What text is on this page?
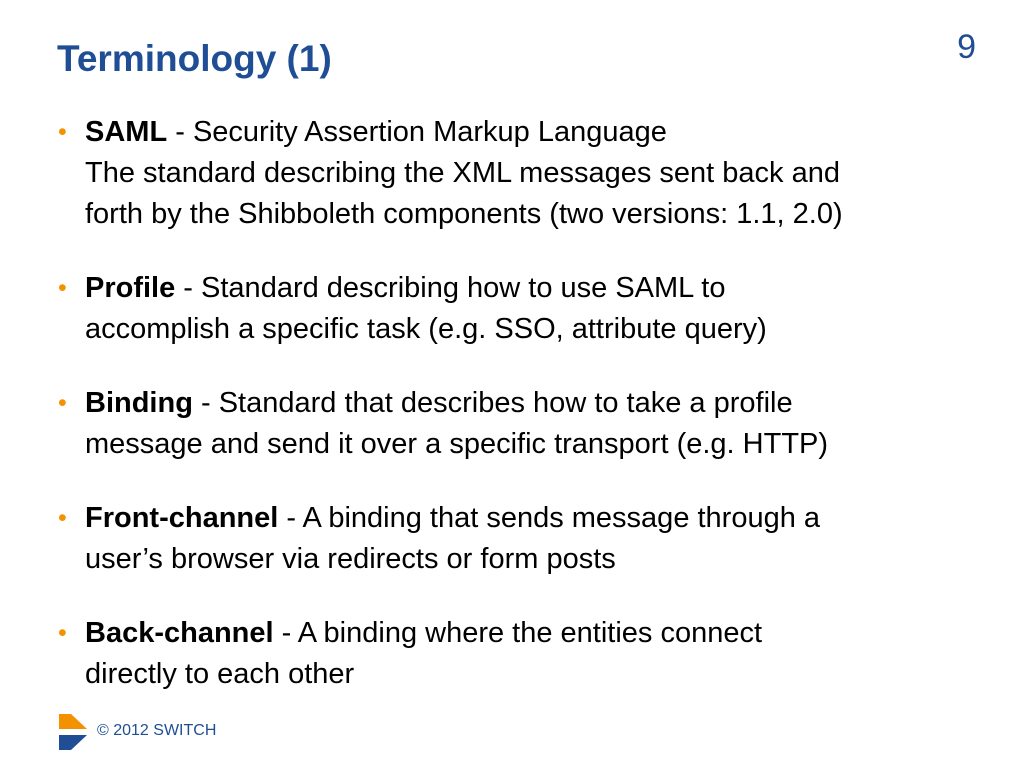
Terminology (1)	9
• SAML - Security Assertion Markup Language
The standard describing the XML messages sent back and
forth by the Shibboleth components (two versions: 1.1, 2.0)
• Profile - Standard describing how to use SAML to
accomplish a specific task (e.g. SSO, attribute query)
• Binding - Standard that describes how to take a profile
message and send it over a specific transport (e.g. HTTP)
• Front-channel - A binding that sends message through a
user’s browser via redirects or form posts
• Back-channel - A binding where the entities connect
directly to each other
© 2012 SWITCH
